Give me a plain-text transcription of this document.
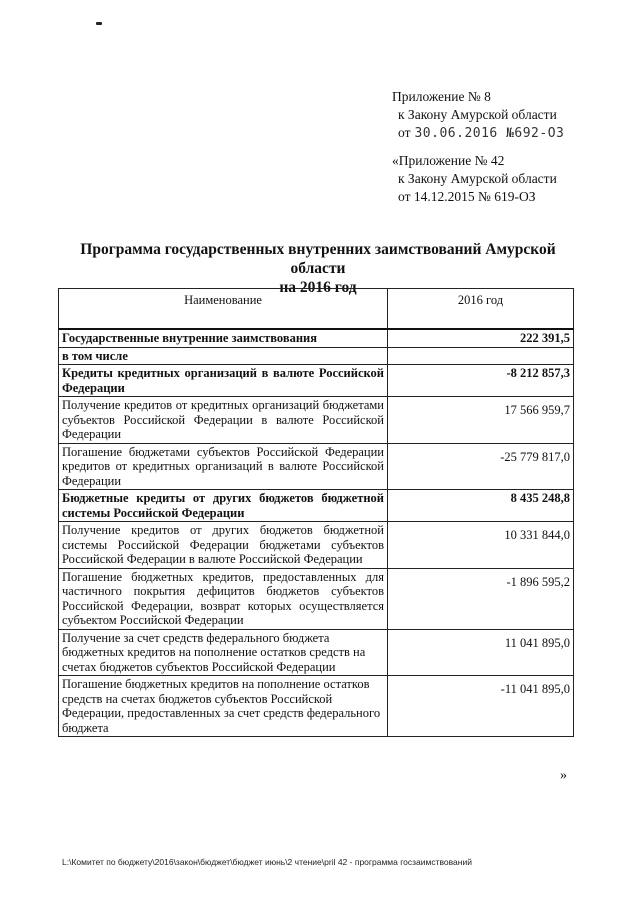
Приложение № 8
к Закону Амурской области
от 30.06.2016 №692-ОЗ
«Приложение № 42
к Закону Амурской области
от 14.12.2015 № 619-ОЗ
Программа государственных внутренних заимствований Амурской области
на 2016 год
Наименование	2016 год
Государственные внутренние заимствования	222 391,5
в том числе	
Кредиты кредитных организаций в валюте Российской Федерации	-8 212 857,3
Получение кредитов от кредитных организаций бюджетами субъектов Российской Федерации в валюте Российской Федерации	17 566 959,7
Погашение бюджетами субъектов Российской Федерации кредитов от кредитных организаций в валюте Российской Федерации	-25 779 817,0
Бюджетные кредиты от других бюджетов бюджетной системы Российской Федерации	8 435 248,8
Получение кредитов от других бюджетов бюджетной системы Российской Федерации бюджетами субъектов Российской Федерации в валюте Российской Федерации	10 331 844,0
Погашение бюджетных кредитов, предоставленных для частичного покрытия дефицитов бюджетов субъектов Российской Федерации, возврат которых осуществляется субъектом Российской Федерации	-1 896 595,2
Получение за счет средств федерального бюджета бюджетных кредитов на пополнение остатков средств на счетах бюджетов субъектов Российской Федерации	11 041 895,0
Погашение бюджетных кредитов на пополнение остатков средств на счетах бюджетов субъектов Российской Федерации, предоставленных за счет средств федерального бюджета	-11 041 895,0
»
L:\Комитет по бюджету\2016\закон\бюджет\бюджет июнь\2 чтение\pril 42 - программа госзаимствований
